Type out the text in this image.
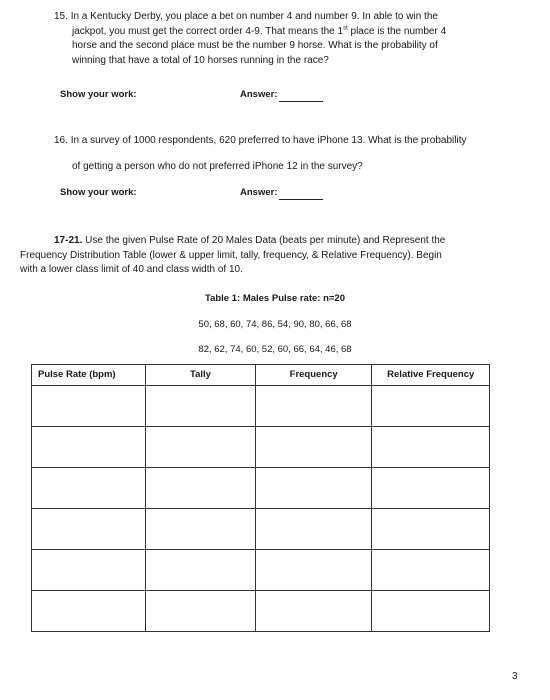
15. In a Kentucky Derby, you place a bet on number 4 and number 9. In able to win the
jackpot, you must get the correct order 4-9. That means the 1st place is the number 4
horse and the second place must be the number 9 horse. What is the probability of
winning that have a total of 10 horses running in the race?

Show your work:	Answer:
16. In a survey of 1000 respondents, 620 preferred to have iPhone 13. What is the probability
of getting a person who do not preferred iPhone 12 in the survey?
Show your work:	Answer:
17-21. Use the given Pulse Rate of 20 Males Data (beats per minute) and Represent the
Frequency Distribution Table (lower & upper limit, tally, frequency, & Relative Frequency). Begin
with a lower class limit of 40 and class width of 10.
Table 1: Males Pulse rate: n=20
50, 68, 60, 74, 86, 54, 90, 80, 66, 68
82, 62, 74, 60, 52, 60, 66, 64, 46, 68
Pulse Rate (bpm)	Tally	Frequency	Relative Frequency

3
